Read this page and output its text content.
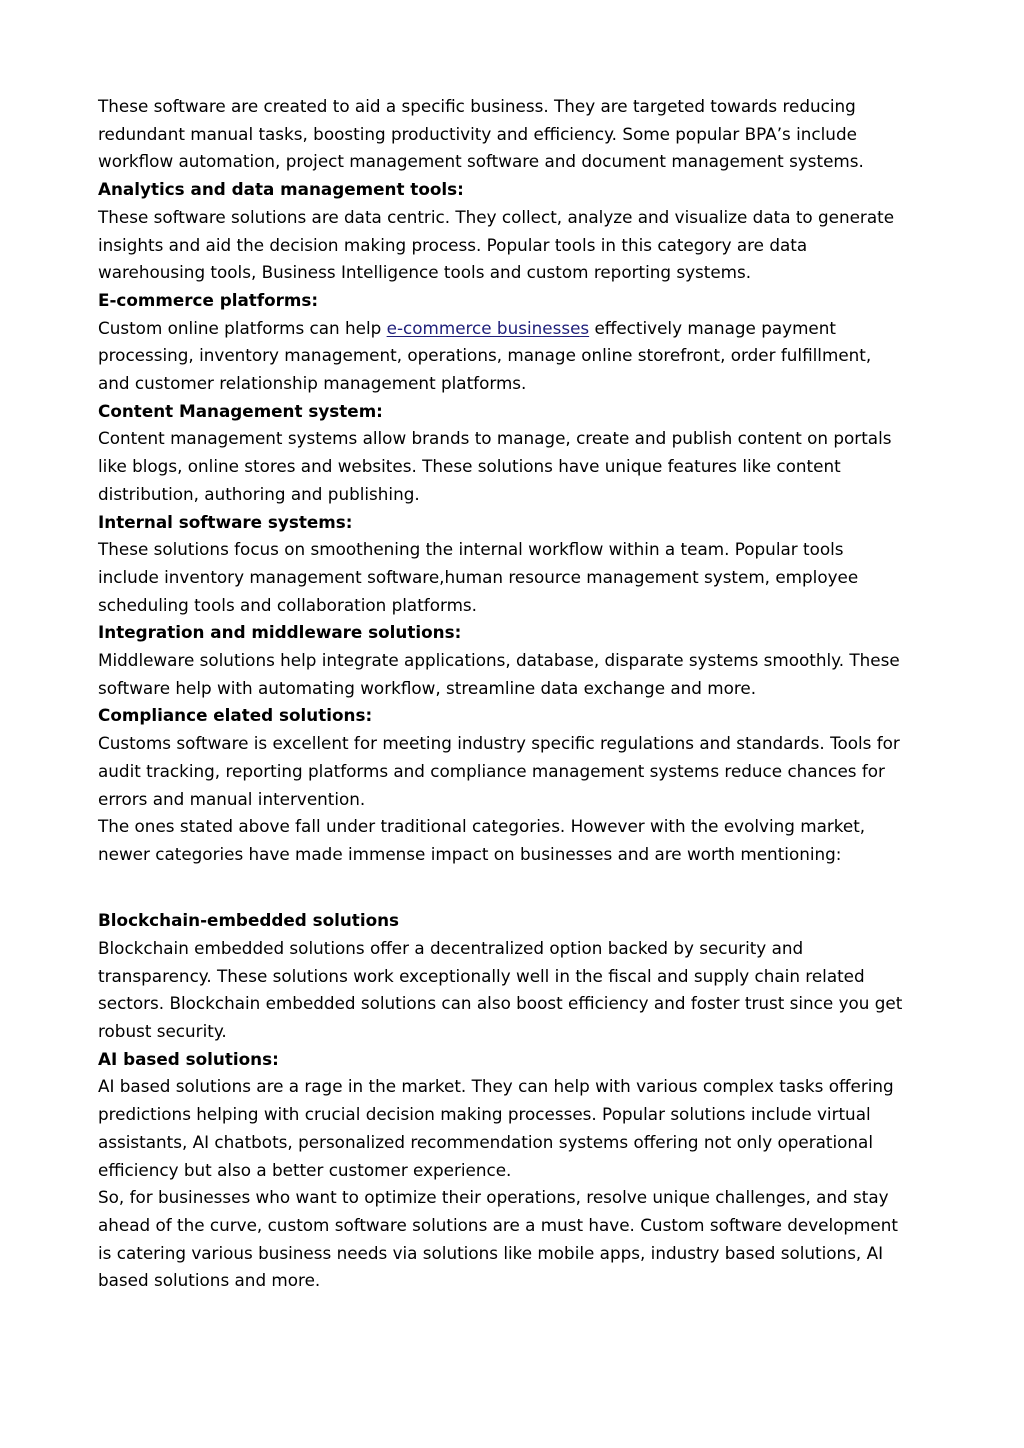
These software are created to aid a specific business. They are targeted towards reducing

redundant manual tasks, boosting productivity and efficiency. Some popular BPA’s include

workflow automation, project management software and document management systems.

Analytics and data management tools:

These software solutions are data centric. They collect, analyze and visualize data to generate

insights and aid the decision making process. Popular tools in this category are data

warehousing tools, Business Intelligence tools and custom reporting systems.

E-commerce platforms:

Custom online platforms can help e-commerce businesses effectively manage payment

processing, inventory management, operations, manage online storefront, order fulfillment,

and customer relationship management platforms.

Content Management system:

Content management systems allow brands to manage, create and publish content on portals

like blogs, online stores and websites. These solutions have unique features like content

distribution, authoring and publishing.

Internal software systems:

These solutions focus on smoothening the internal workflow within a team. Popular tools

include inventory management software,human resource management system, employee

scheduling tools and collaboration platforms.

Integration and middleware solutions:

Middleware solutions help integrate applications, database, disparate systems smoothly. These

software help with automating workflow, streamline data exchange and more.

Compliance elated solutions:

Customs software is excellent for meeting industry specific regulations and standards. Tools for

audit tracking, reporting platforms and compliance management systems reduce chances for

errors and manual intervention.

The ones stated above fall under traditional categories. However with the evolving market,

newer categories have made immense impact on businesses and are worth mentioning:

Blockchain-embedded solutions

Blockchain embedded solutions offer a decentralized option backed by security and

transparency. These solutions work exceptionally well in the fiscal and supply chain related

sectors. Blockchain embedded solutions can also boost efficiency and foster trust since you get

robust security.

AI based solutions:

AI based solutions are a rage in the market. They can help with various complex tasks offering

predictions helping with crucial decision making processes. Popular solutions include virtual

assistants, AI chatbots, personalized recommendation systems offering not only operational

efficiency but also a better customer experience.

So, for businesses who want to optimize their operations, resolve unique challenges, and stay

ahead of the curve, custom software solutions are a must have. Custom software development

is catering various business needs via solutions like mobile apps, industry based solutions, AI

based solutions and more.
